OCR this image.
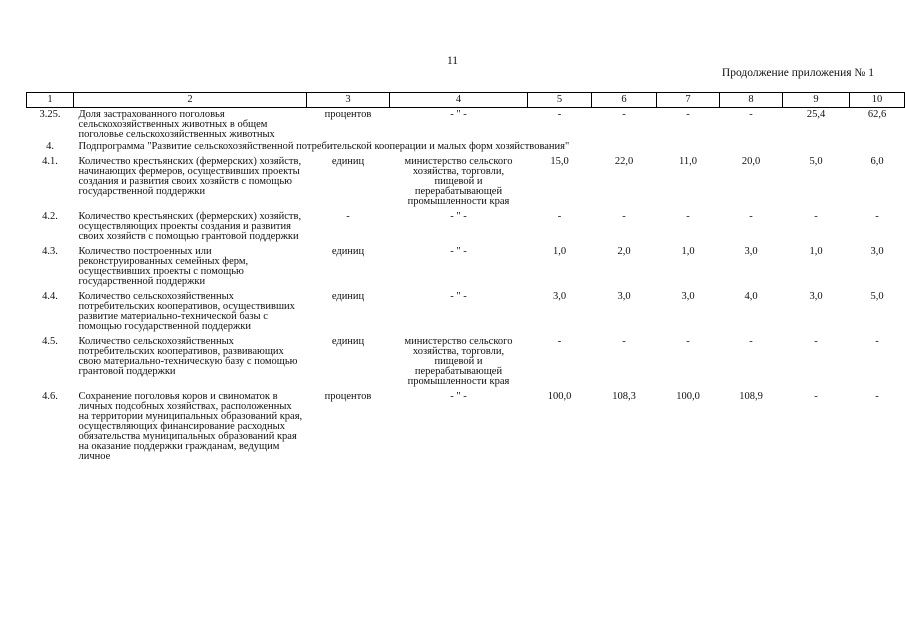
11
Продолжение приложения № 1
1	2	3	4	5	6	7	8	9	10
3.25.	Доля застрахованного поголовья сельскохозяйственных животных в общем поголовье сельскохозяйственных животных	процентов	- " -	-	-	-	-	25,4	62,6
4.	Подпрограмма "Развитие сельскохозяйственной потребительской кооперации и малых форм хозяйствования"								
4.1.	Количество крестьянских (фермерских) хозяйств, начинающих фермеров, осуществивших проекты создания и развития своих хозяйств с помощью государственной поддержки	единиц	министерство сельского хозяйства, торговли, пищевой и перерабатывающей промышленности края	15,0	22,0	11,0	20,0	5,0	6,0
4.2.	Количество крестьянских (фермерских) хозяйств, осуществляющих проекты создания и развития своих хозяйств с помощью грантовой поддержки	-	- " -	-	-	-	-	-	-
4.3.	Количество построенных или реконструированных семейных ферм, осуществивших проекты с помощью государственной поддержки	единиц	- " -	1,0	2,0	1,0	3,0	1,0	3,0
4.4.	Количество сельскохозяйственных потребительских кооперативов, осуществивших развитие материально-технической базы с помощью государственной поддержки	единиц	- " -	3,0	3,0	3,0	4,0	3,0	5,0
4.5.	Количество сельскохозяйственных потребительских кооперативов, развивающих свою материально-техническую базу с помощью грантовой поддержки	единиц	министерство сельского хозяйства, торговли, пищевой и перерабатывающей промышленности края	-	-	-	-	-	-
4.6.	Сохранение поголовья коров и свиноматок в личных подсобных хозяйствах, расположенных на территории муниципальных образований края, осуществляющих финансирование расходных обязательства муниципальных образований края на оказание поддержки гражданам, ведущим личное	процентов	- " -	100,0	108,3	100,0	108,9	-	-
